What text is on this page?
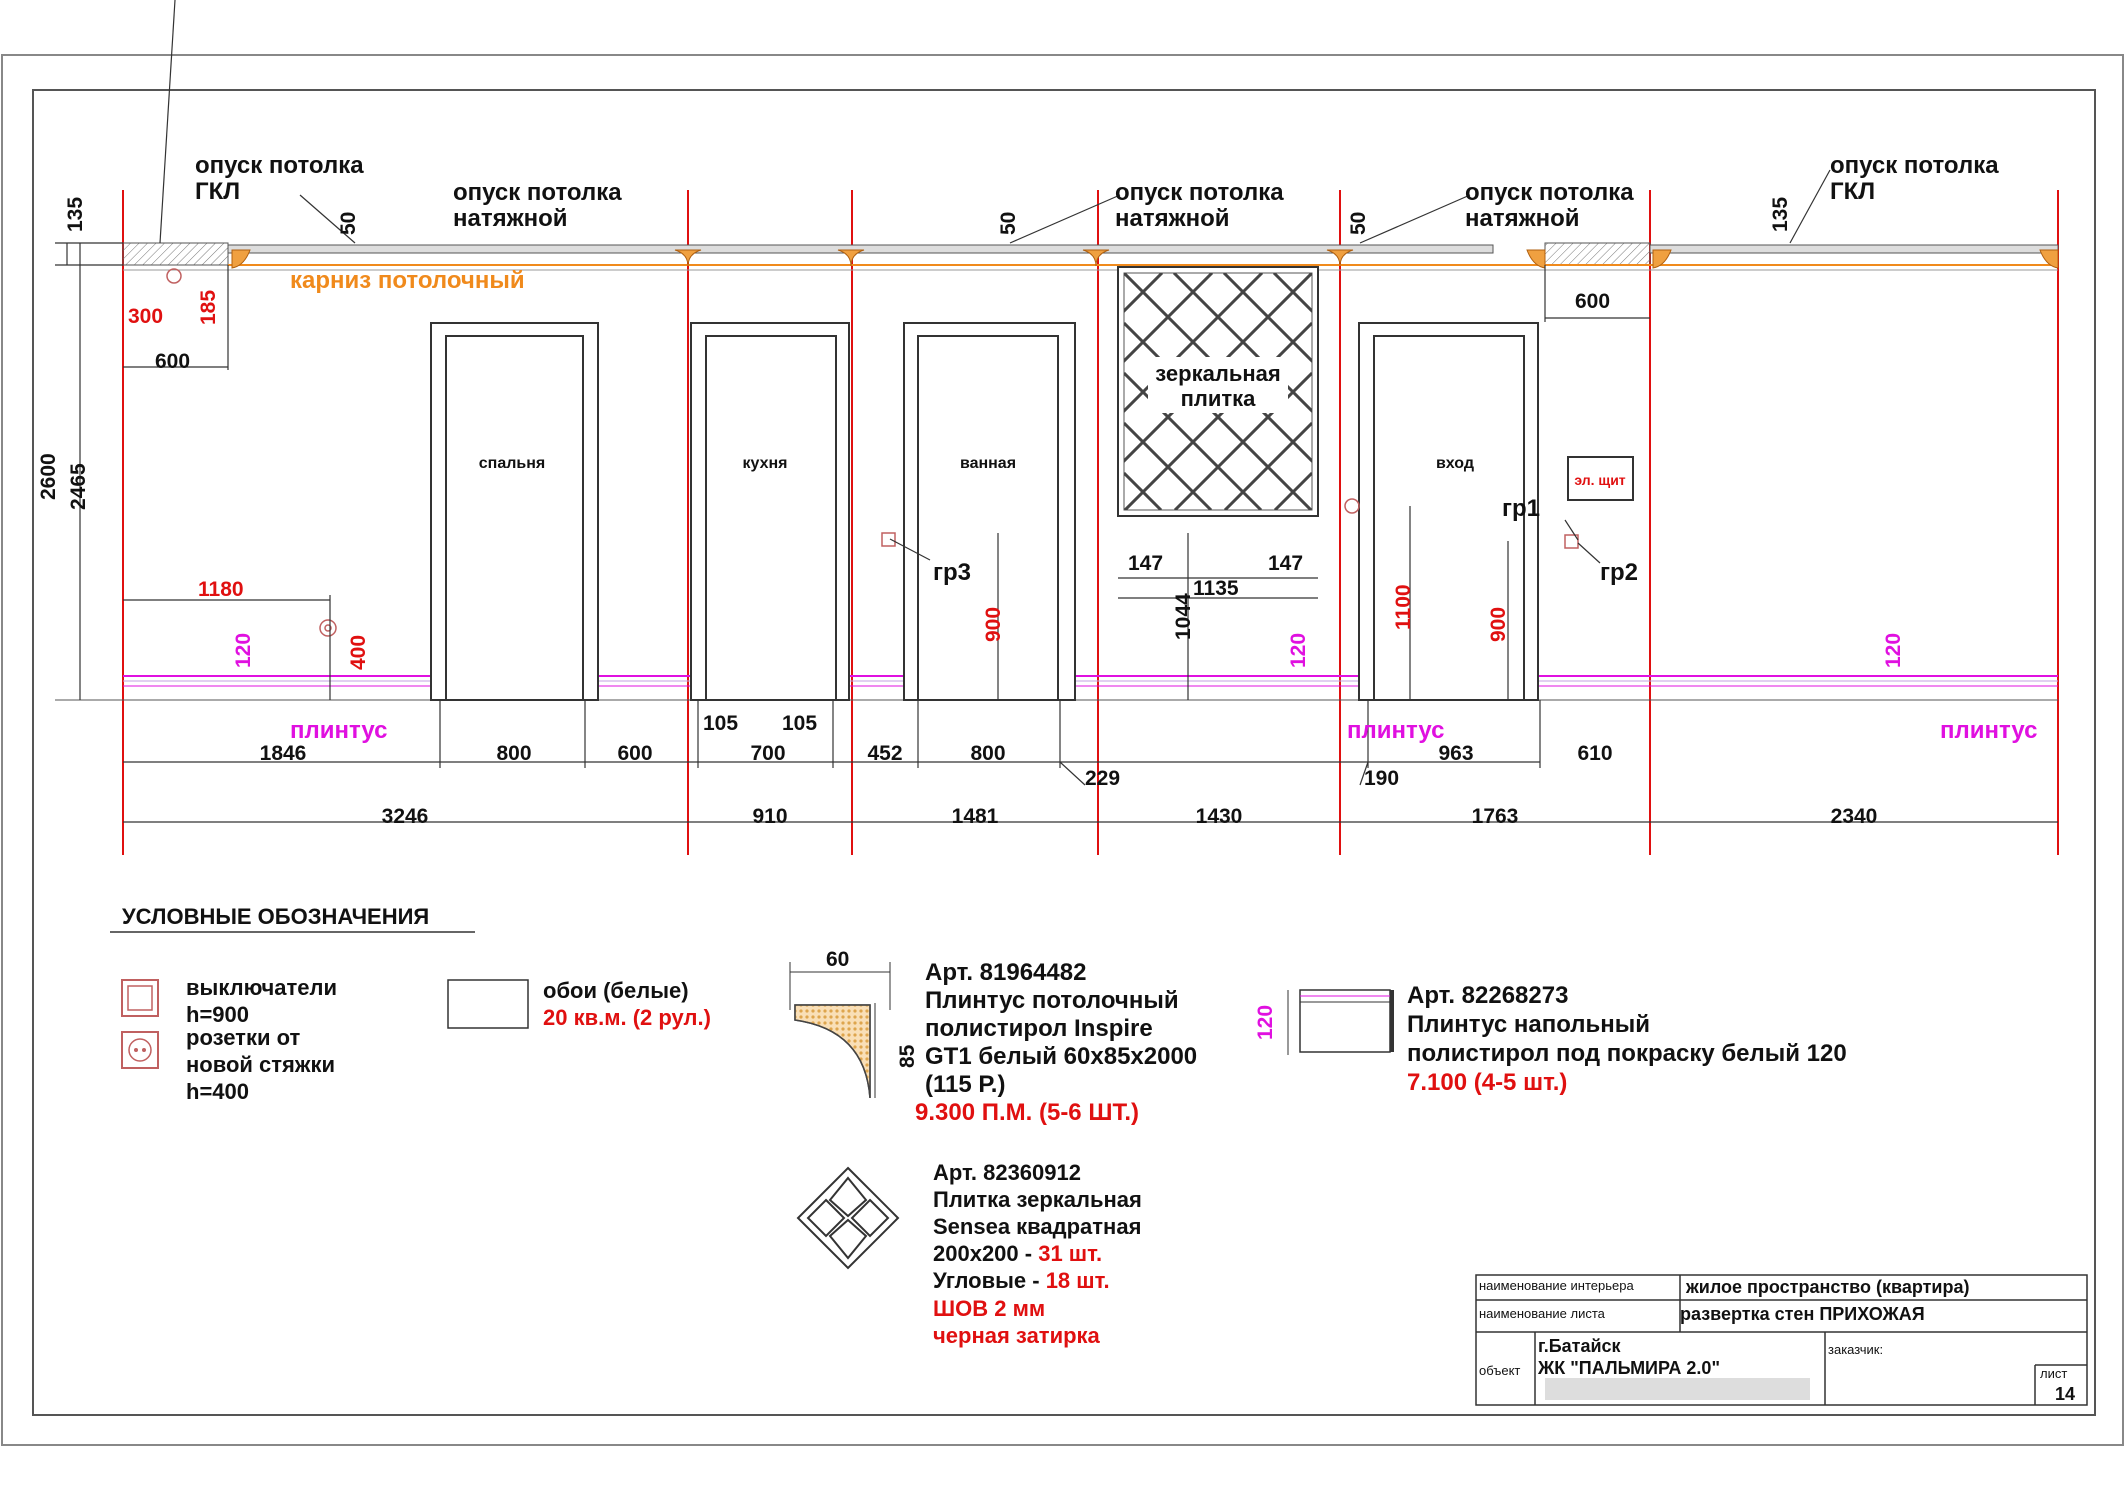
спальня	кухня	ванная	вход
зеркальная
плитка
эл. щит
опуск потолка
ГКЛ	опуск потолка
натяжной
опуск потолка
натяжной
опуск потолка
натяжной
опуск потолка
ГКЛ
карниз потолочный
135	50	50	50	135
2600 2465
300 185
600
600
1180
120	400
900
147	147
1135
1044
120
1100	900
120
гр1
гр2
гр3
плинтус	плинтус	плинтус
105 105
1846	800	600	700	452	800	963	610
229	190
3246	910	1481	1430	1763	2340
УСЛОВНЫЕ ОБОЗНАЧЕНИЯ
выключатели
h=900
розетки от
новой стяжки
h=400
обои (белые)
20 кв.м. (2 рул.)
60
85
Арт. 81964482
Плинтус потолочный
полистирол Inspire
GT1 белый 60х85х2000
(115 Р.)
9.300 П.М. (5-6 ШТ.)
120
Арт. 82268273
Плинтус напольный
полистирол под покраску белый 120
7.100 (4-5 шт.)
Арт. 82360912
Плитка зеркальная
Sensea квадратная
200х200 - 31 шт.
Угловые - 18 шт.
ШОВ 2 мм
черная затирка
наименование интерьера	жилое пространство (квартира)
наименование листа	развертка стен ПРИХОЖАЯ
объект
г.Батайск
ЖК "ПАЛЬМИРА 2.0"
заказчик:
лист
14
